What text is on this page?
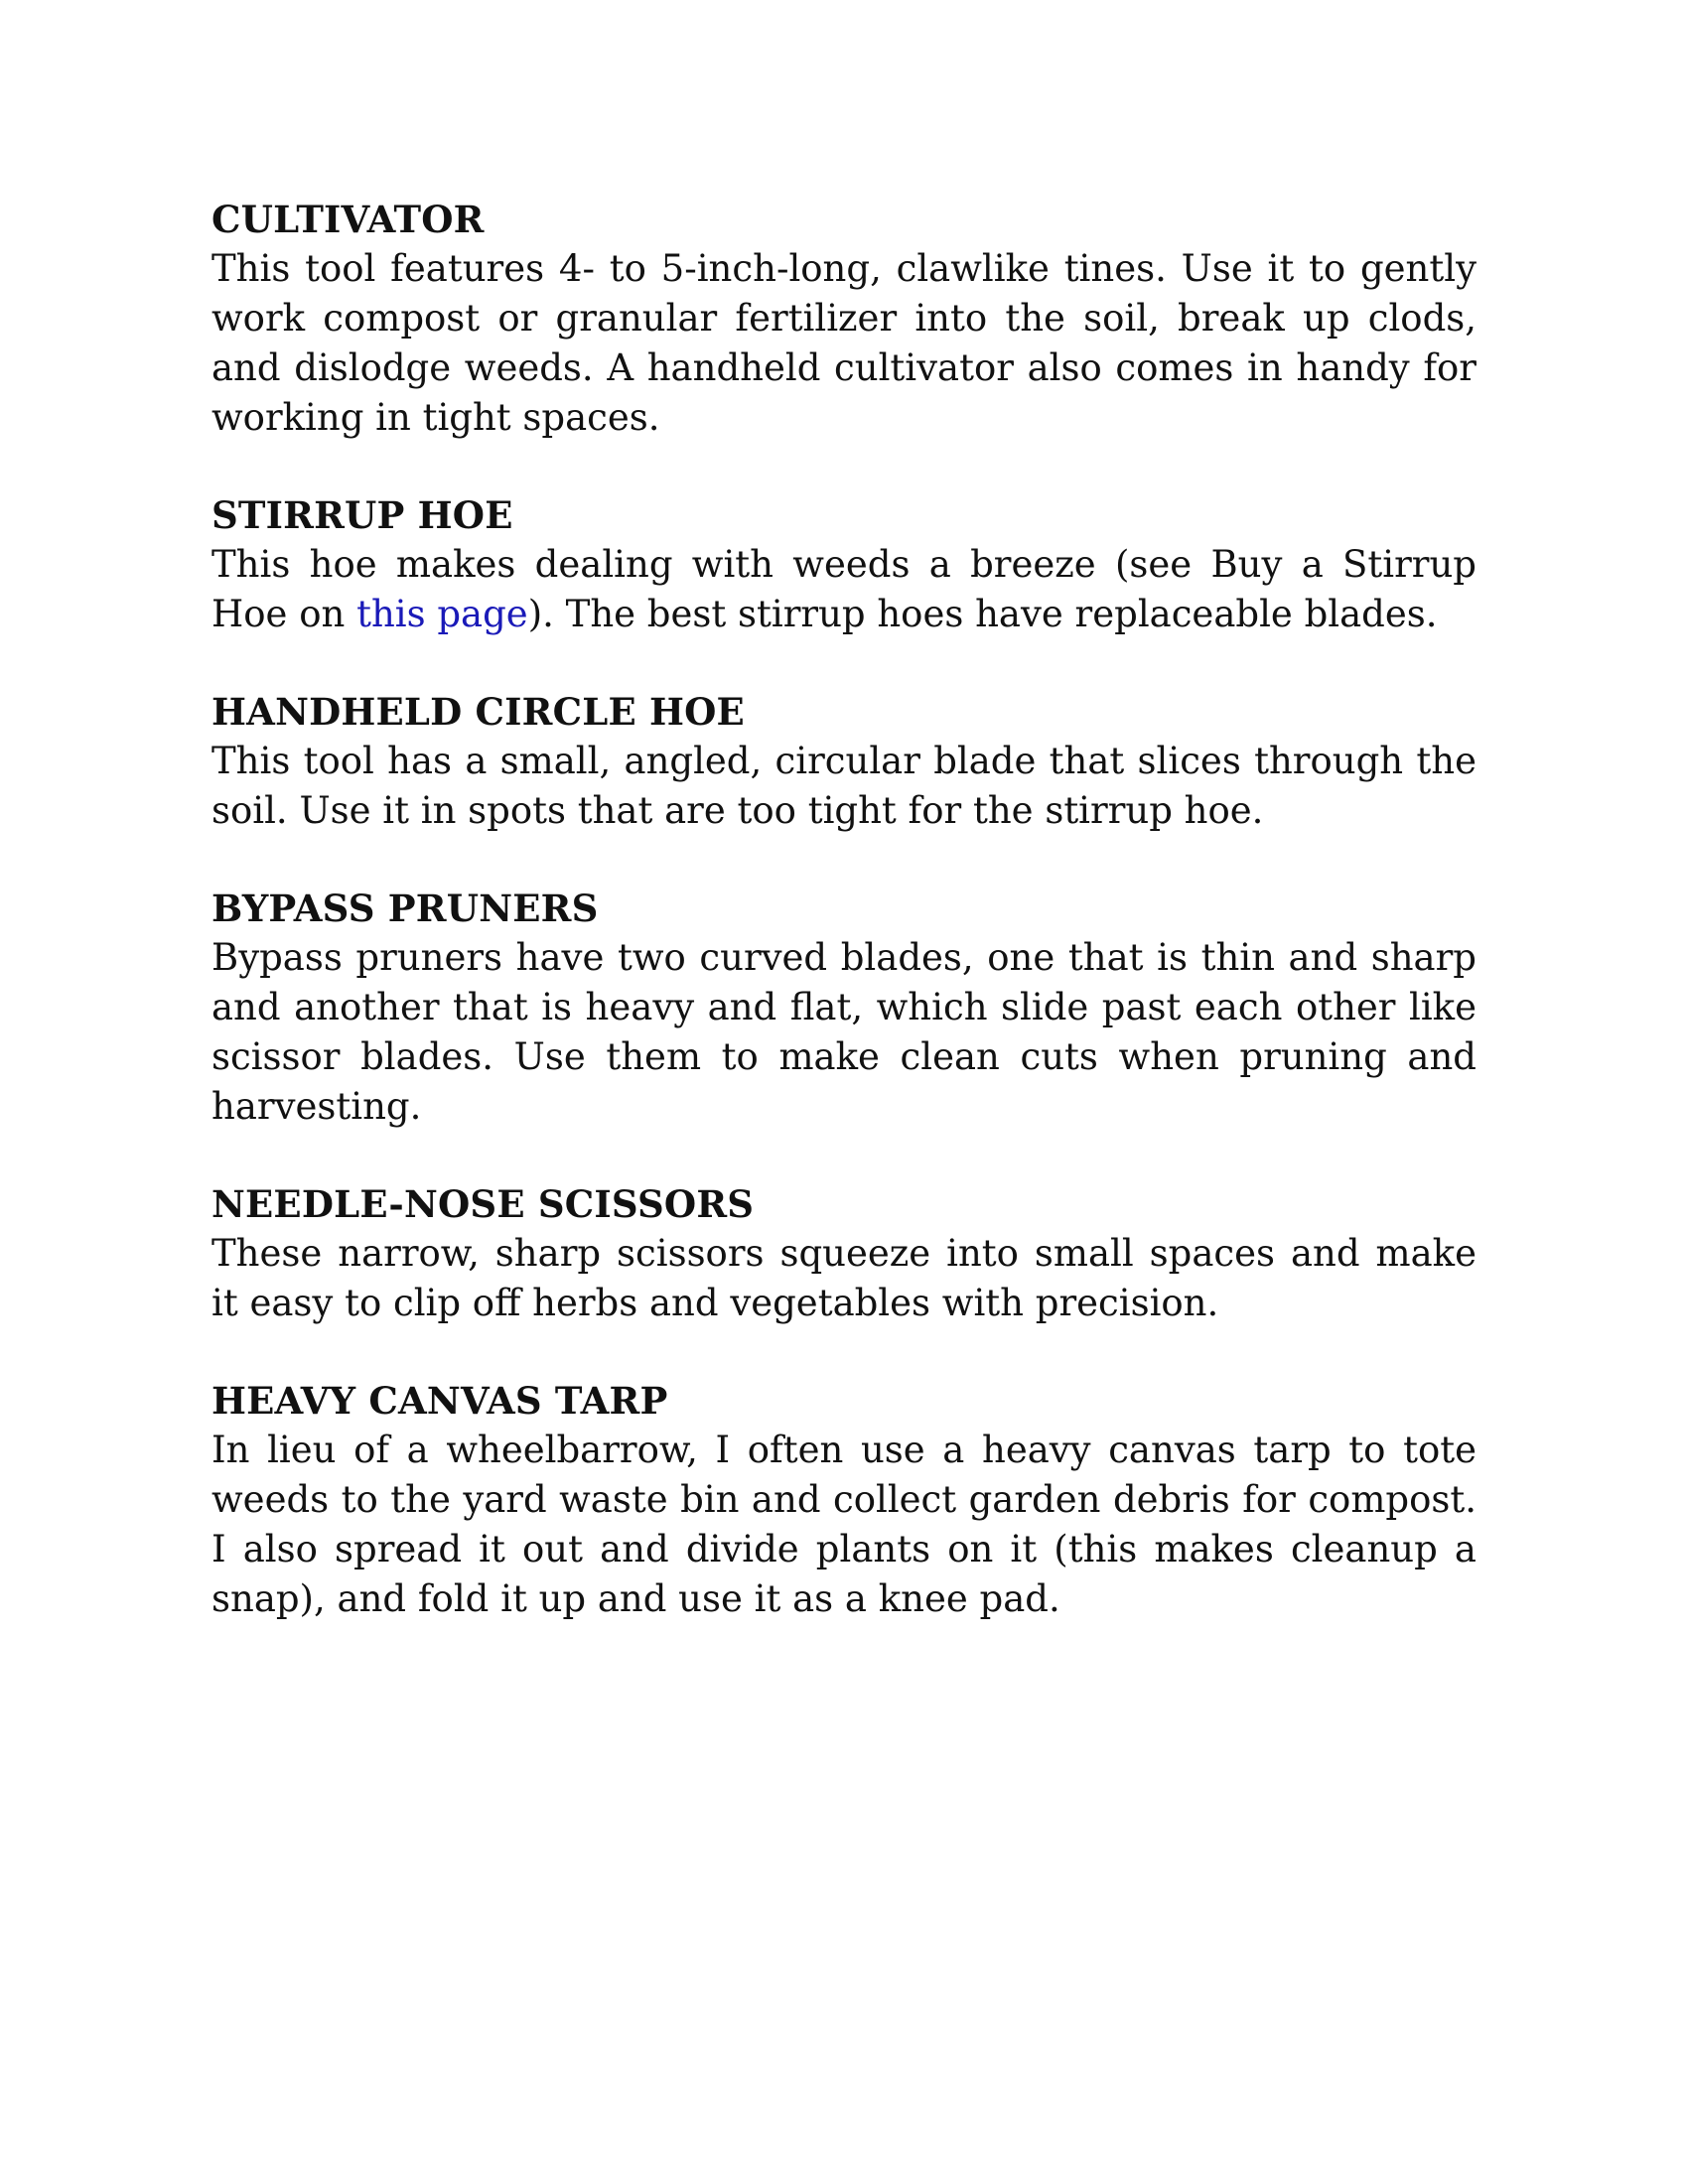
CULTIVATOR

This tool features 4- to 5-inch-long, clawlike tines. Use it to gently work compost or granular fertilizer into the soil, break up clods, and dislodge weeds. A handheld cultivator also comes in handy for working in tight spaces.

STIRRUP HOE

This hoe makes dealing with weeds a breeze (see Buy a Stirrup Hoe on this page). The best stirrup hoes have replaceable blades.

HANDHELD CIRCLE HOE

This tool has a small, angled, circular blade that slices through the soil. Use it in spots that are too tight for the stirrup hoe.

BYPASS PRUNERS

Bypass pruners have two curved blades, one that is thin and sharp and another that is heavy and flat, which slide past each other like scissor blades. Use them to make clean cuts when pruning and harvesting.

NEEDLE-NOSE SCISSORS

These narrow, sharp scissors squeeze into small spaces and make it easy to clip off herbs and vegetables with precision.

HEAVY CANVAS TARP

In lieu of a wheelbarrow, I often use a heavy canvas tarp to tote weeds to the yard waste bin and collect garden debris for compost. I also spread it out and divide plants on it (this makes cleanup a snap), and fold it up and use it as a knee pad.
